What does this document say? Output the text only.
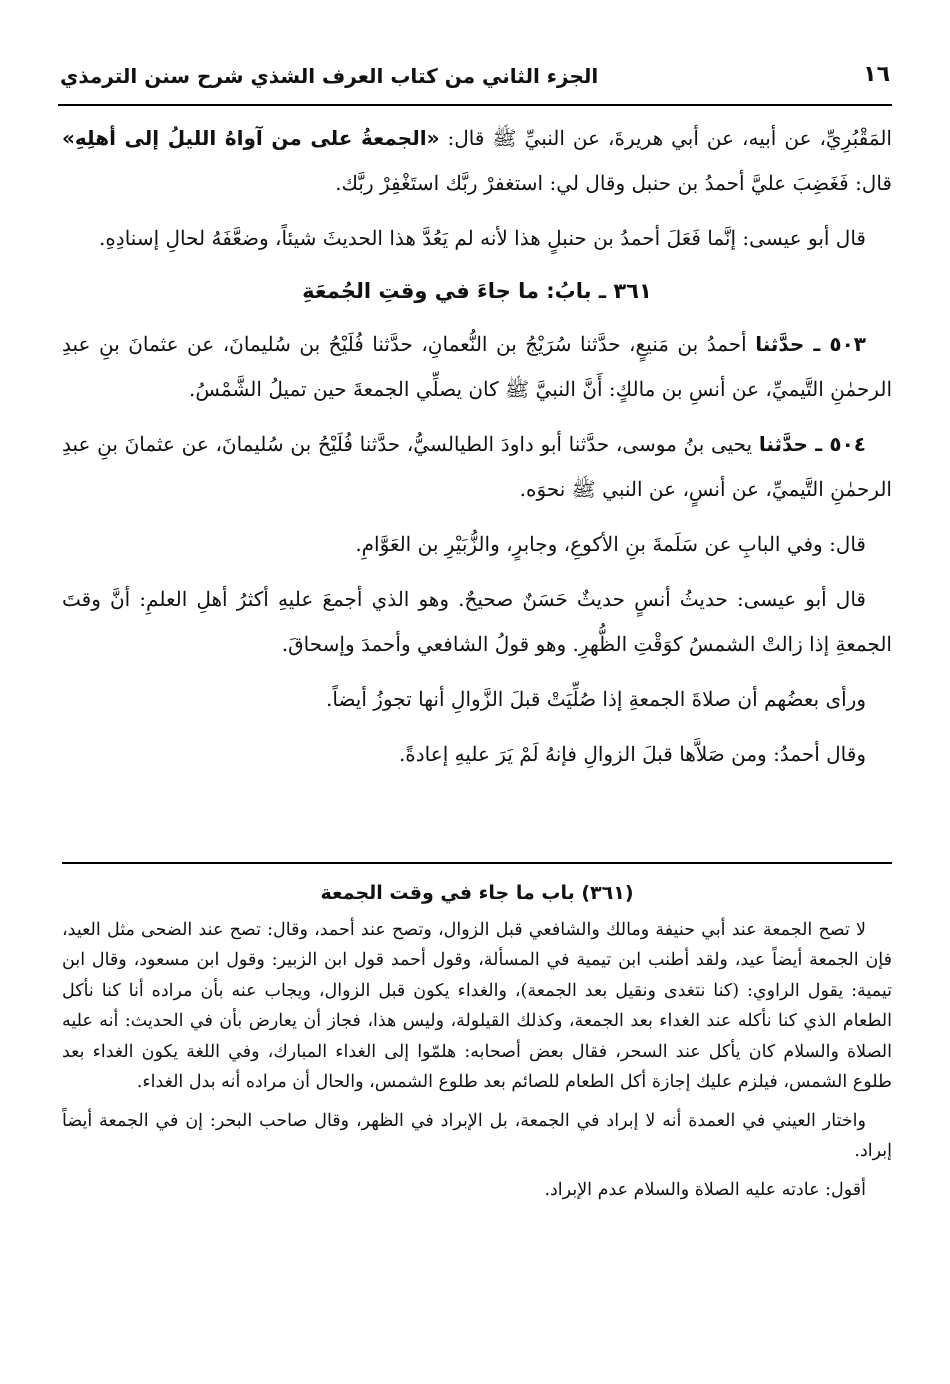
١٦
الجزء الثاني من كتاب العرف الشذي شرح سنن الترمذي

المَقْبُرِيِّ، عن أبيه، عن أبي هريرةَ، عن النبيِّ ﷺ قال: «الجمعةُ على من آواهُ الليلُ إلى أهلِهِ» قال: فَغَضِبَ عليَّ أحمدُ بن حنبل وقال لي: استغفرْ ربَّك استَغْفِرْ ربَّك.

قال أبو عيسى: إنَّما فَعَلَ أحمدُ بن حنبلٍ هذا لأنه لم يَعُدَّ هذا الحديثَ شيئاً، وضعَّفَهُ لحالِ إسنادِهِ.

٣٦١ ـ بابُ: ما جاءَ في وقتِ الجُمعَةِ

٥٠٣ ـ حدَّثنا أحمدُ بن مَنيعٍ، حدَّثنا سُرَيْجُ بن النُّعمانِ، حدَّثنا فُلَيْحُ بن سُليمانَ، عن عثمانَ بنِ عبدِ الرحمٰنِ التَّيميِّ، عن أنسِ بن مالكٍ: أَنَّ النبيَّ ﷺ كان يصلِّي الجمعةَ حين تميلُ الشَّمْسُ.

٥٠٤ ـ حدَّثنا يحيى بنُ موسى، حدَّثنا أبو داودَ الطيالسيُّ، حدَّثنا فُلَيْحُ بن سُليمانَ، عن عثمانَ بنِ عبدِ الرحمٰنِ التَّيميِّ، عن أنسٍ، عن النبي ﷺ نحوَه.

قال: وفي البابِ عن سَلَمةَ بنِ الأكوعِ، وجابرٍ، والزُّبَيْرِ بن العَوَّامِ.

قال أبو عيسى: حديثُ أنسٍ حديثٌ حَسَنٌ صحيحٌ. وهو الذي أجمعَ عليهِ أكثرُ أهلِ العلمِ: أنَّ وقتَ الجمعةِ إذا زالتْ الشمسُ كوَقْتِ الظُّهرِ. وهو قولُ الشافعي وأحمدَ وإسحاقَ.

ورأى بعضُهم أن صلاةَ الجمعةِ إذا صُلِّيَتْ قبلَ الزَّوالِ أنها تجوزُ أيضاً.

وقال أحمدُ: ومن صَلاَّها قبلَ الزوالِ فإنهُ لَمْ يَرَ عليهِ إعادةً.

(٣٦١) باب ما جاء في وقت الجمعة

لا تصح الجمعة عند أبي حنيفة ومالك والشافعي قبل الزوال، وتصح عند أحمد، وقال: تصح عند الضحى مثل العيد، فإن الجمعة أيضاً عيد، ولقد أطنب ابن تيمية في المسألة، وقول أحمد قول ابن الزبير: وقول ابن مسعود، وقال ابن تيمية: يقول الراوي: (كنا نتغدى ونقيل بعد الجمعة)، والغداء يكون قبل الزوال، ويجاب عنه بأن مراده أنا كنا نأكل الطعام الذي كنا نأكله عند الغداء بعد الجمعة، وكذلك القيلولة، وليس هذا، فجاز أن يعارض بأن في الحديث: أنه عليه الصلاة والسلام كان يأكل عند السحر، فقال بعض أصحابه: هلمّوا إلى الغداء المبارك، وفي اللغة يكون الغداء بعد طلوع الشمس، فيلزم عليك إجازة أكل الطعام للصائم بعد طلوع الشمس، والحال أن مراده أنه بدل الغداء.

واختار العيني في العمدة أنه لا إبراد في الجمعة، بل الإبراد في الظهر، وقال صاحب البحر: إن في الجمعة أيضاً إبراد.

أقول: عادته عليه الصلاة والسلام عدم الإبراد.
